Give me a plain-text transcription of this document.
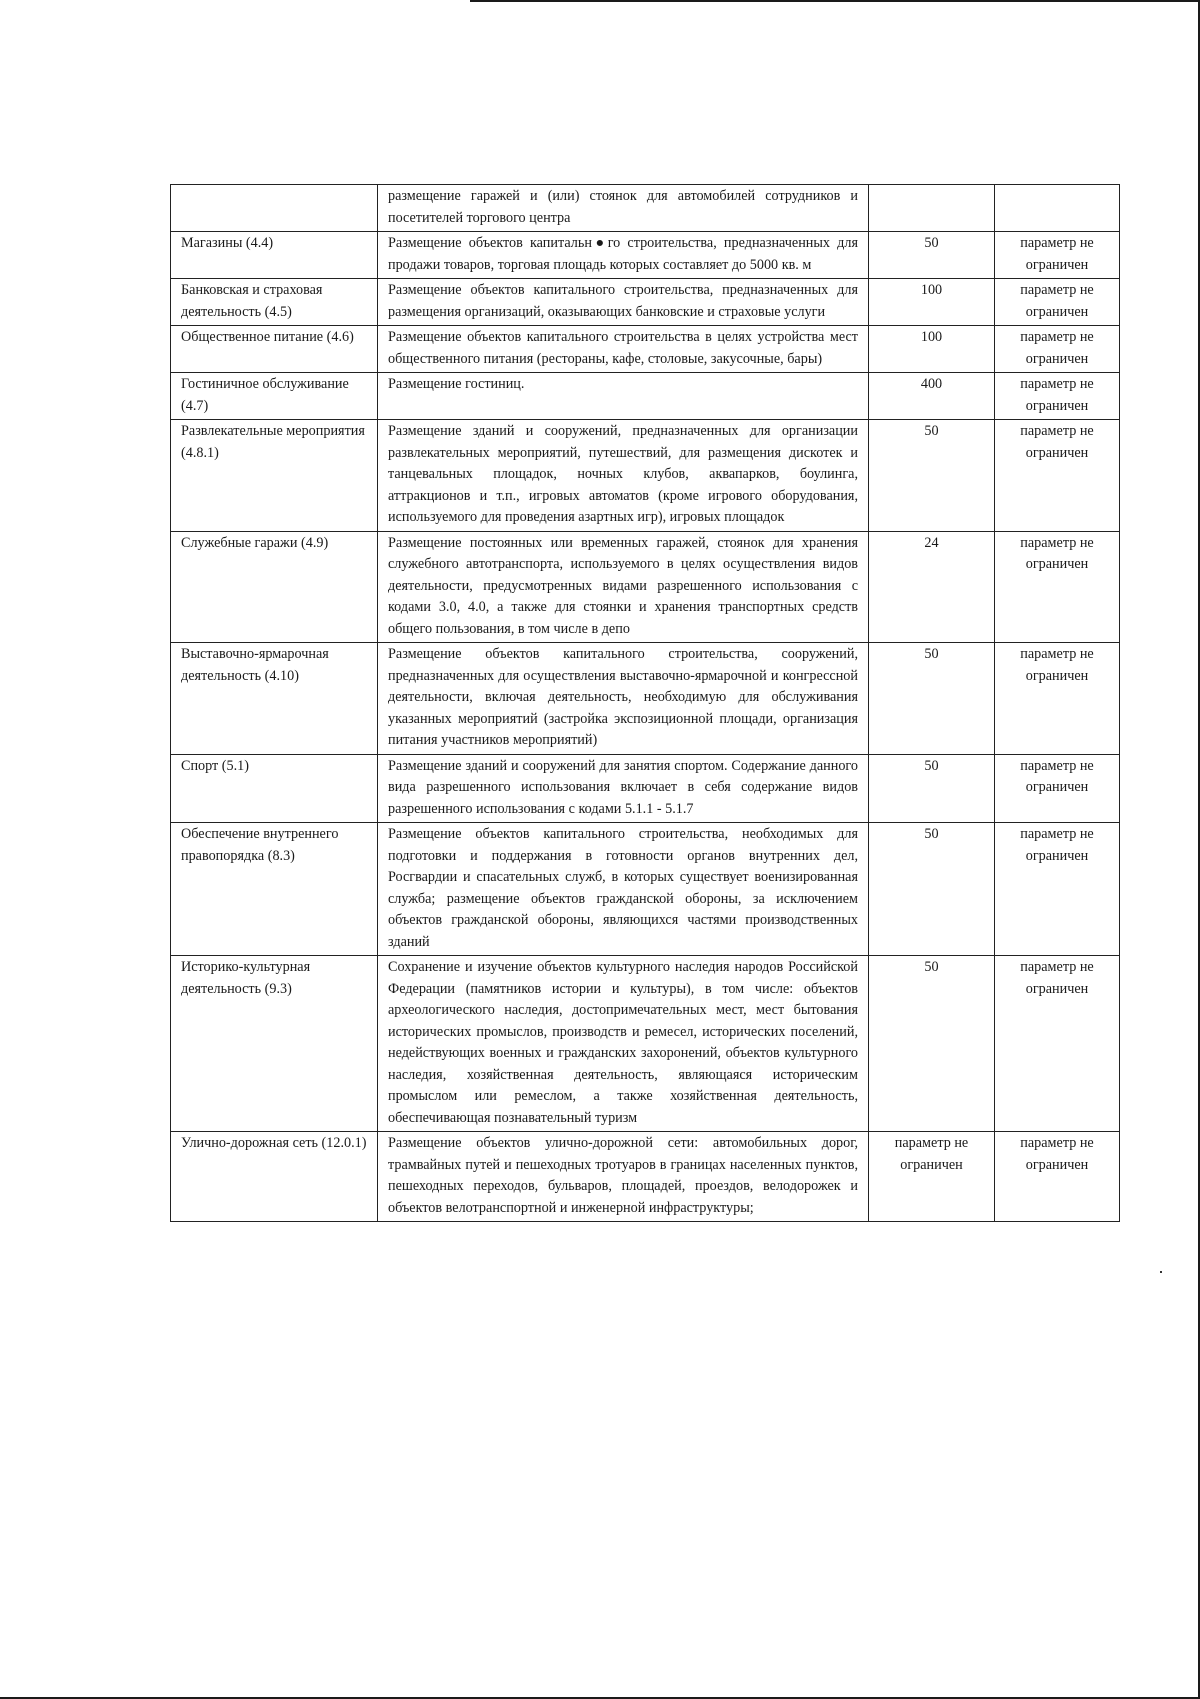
	размещение гаражей и (или) стоянок для автомобилей сотрудников и посетителей торгового центра		
Магазины (4.4)	Размещение объектов капитальн●го строительства, предназначенных для продажи товаров, торговая площадь которых составляет до 5000 кв. м	50	параметр не ограничен
Банковская и страховая деятельность (4.5)	Размещение объектов капитального строительства, предназначенных для размещения организаций, оказывающих банковские и страховые услуги	100	параметр не ограничен
Общественное питание (4.6)	Размещение объектов капитального строительства в целях устройства мест общественного питания (рестораны, кафе, столовые, закусочные, бары)	100	параметр не ограничен
Гостиничное обслуживание (4.7)	Размещение гостиниц.	400	параметр не ограничен
Развлекательные мероприятия (4.8.1)	Размещение зданий и сооружений, предназначенных для организации развлекательных мероприятий, путешествий, для размещения дискотек и танцевальных площадок, ночных клубов, аквапарков, боулинга, аттракционов и т.п., игровых автоматов (кроме игрового оборудования, используемого для проведения азартных игр), игровых площадок	50	параметр не ограничен
Служебные гаражи (4.9)	Размещение постоянных или временных гаражей, стоянок для хранения служебного автотранспорта, используемого в целях осуществления видов деятельности, предусмотренных видами разрешенного использования с кодами 3.0, 4.0, а также для стоянки и хранения транспортных средств общего пользования, в том числе в депо	24	параметр не ограничен
Выставочно-ярмарочная деятельность (4.10)	Размещение объектов капитального строительства, сооружений, предназначенных для осуществления выставочно-ярмарочной и конгрессной деятельности, включая деятельность, необходимую для обслуживания указанных мероприятий (застройка экспозиционной площади, организация питания участников мероприятий)	50	параметр не ограничен
Спорт (5.1)	Размещение зданий и сооружений для занятия спортом. Содержание данного вида разрешенного использования включает в себя содержание видов разрешенного использования с кодами 5.1.1 - 5.1.7	50	параметр не ограничен
Обеспечение внутреннего правопорядка (8.3)	Размещение объектов капитального строительства, необходимых для подготовки и поддержания в готовности органов внутренних дел, Росгвардии и спасательных служб, в которых существует военизированная служба; размещение объектов гражданской обороны, за исключением объектов гражданской обороны, являющихся частями производственных зданий	50	параметр не ограничен
Историко-культурная деятельность (9.3)	Сохранение и изучение объектов культурного наследия народов Российской Федерации (памятников истории и культуры), в том числе: объектов археологического наследия, достопримечательных мест, мест бытования исторических промыслов, производств и ремесел, исторических поселений, недействующих военных и гражданских захоронений, объектов культурного наследия, хозяйственная деятельность, являющаяся историческим промыслом или ремеслом, а также хозяйственная деятельность, обеспечивающая познавательный туризм	50	параметр не ограничен
Улично-дорожная сеть (12.0.1)	Размещение объектов улично-дорожной сети: автомобильных дорог, трамвайных путей и пешеходных тротуаров в границах населенных пунктов, пешеходных переходов, бульваров, площадей, проездов, велодорожек и объектов велотранспортной и инженерной инфраструктуры;	параметр не ограничен	параметр не ограничен
